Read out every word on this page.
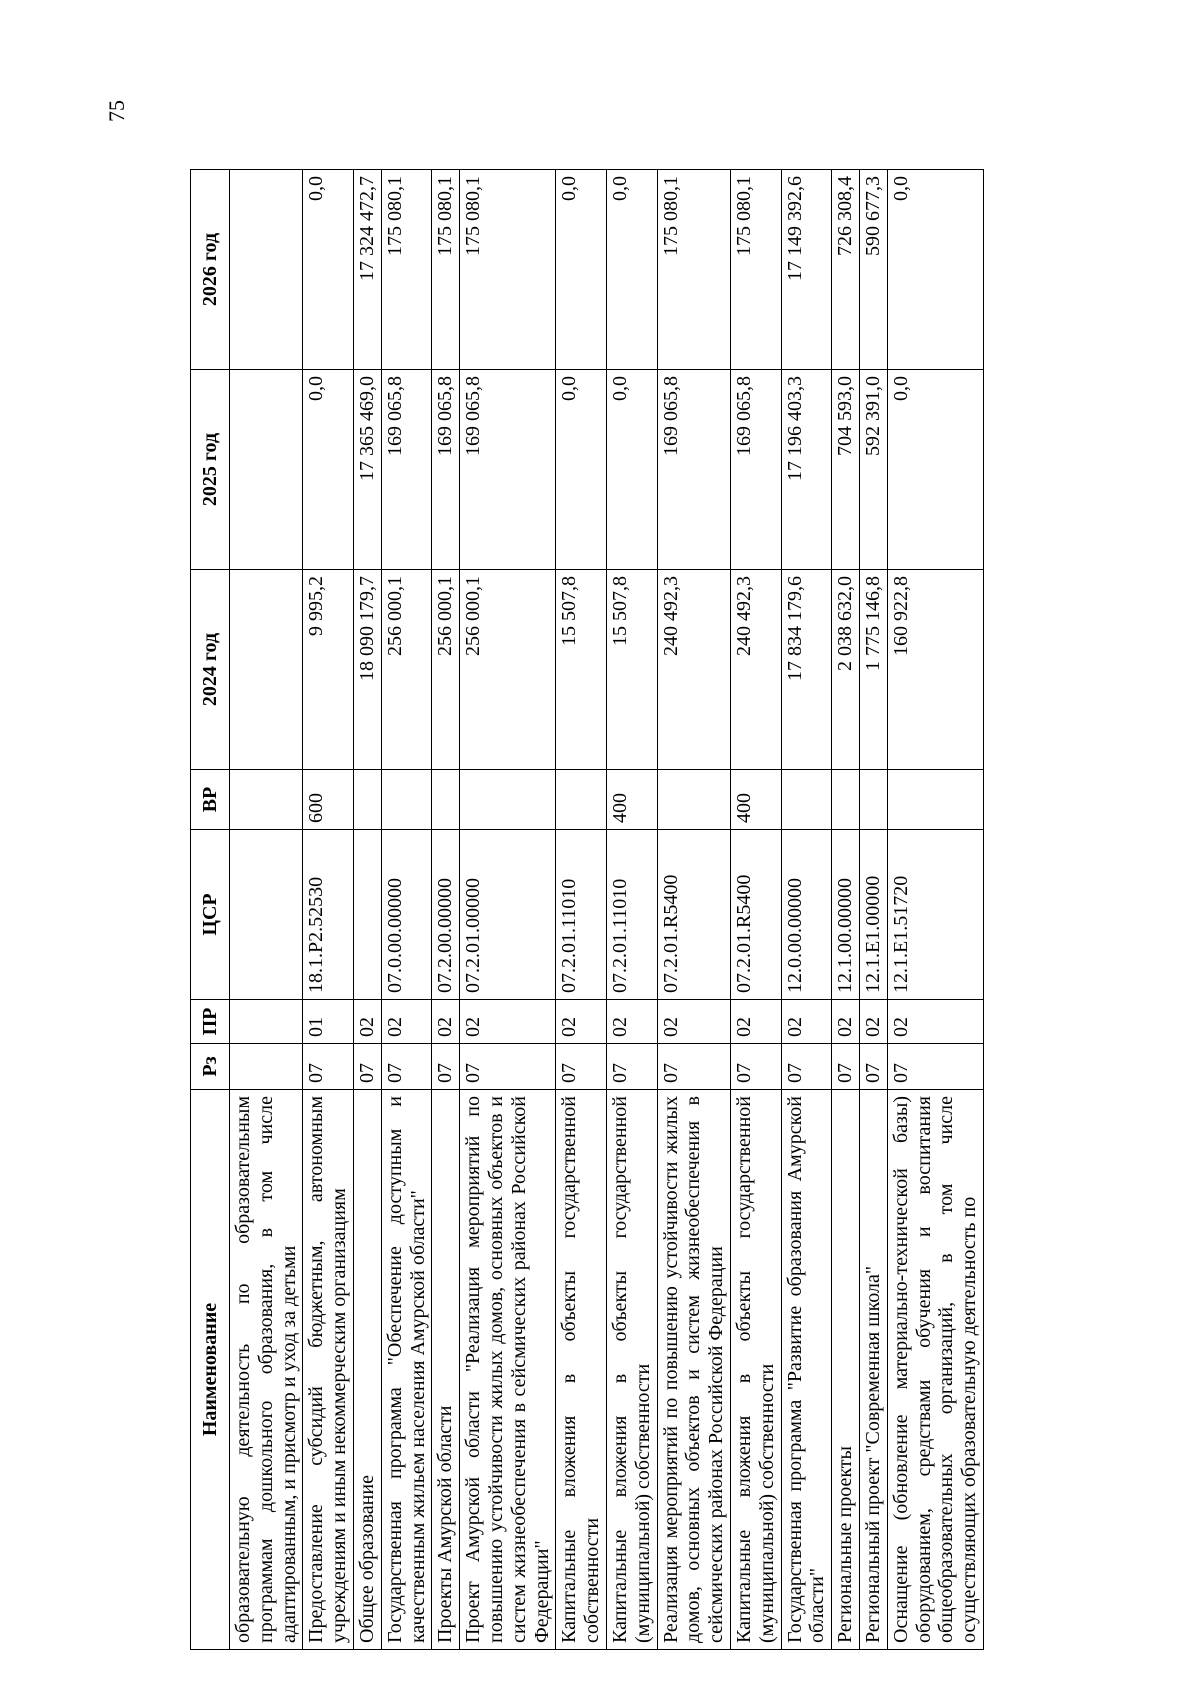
75
Наименование	Рз	ПР	ЦСР	ВР	2024 год	2025 год	2026 год
образовательную деятельность по образовательным программам дошкольного образования, в том числе адаптированным, и присмотр и уход за детьми							
Предоставление субсидий бюджетным, автономным учреждениям и иным некоммерческим организациям	07	01	18.1.P2.52530	600	9 995,2	0,0	0,0
Общее образование	07	02			18 090 179,7	17 365 469,0	17 324 472,7
Государственная программа "Обеспечение доступным и качественным жильем населения Амурской области"	07	02	07.0.00.00000		256 000,1	169 065,8	175 080,1
Проекты Амурской области	07	02	07.2.00.00000		256 000,1	169 065,8	175 080,1
Проект Амурской области "Реализация мероприятий по повышению устойчивости жилых домов, основных объектов и систем жизнеобеспечения в сейсмических районах Российской Федерации"	07	02	07.2.01.00000		256 000,1	169 065,8	175 080,1
Капитальные вложения в объекты государственной собственности	07	02	07.2.01.11010		15 507,8	0,0	0,0
Капитальные вложения в объекты государственной (муниципальной) собственности	07	02	07.2.01.11010	400	15 507,8	0,0	0,0
Реализация мероприятий по повышению устойчивости жилых домов, основных объектов и систем жизнеобеспечения в сейсмических районах Российской Федерации	07	02	07.2.01.R5400		240 492,3	169 065,8	175 080,1
Капитальные вложения в объекты государственной (муниципальной) собственности	07	02	07.2.01.R5400	400	240 492,3	169 065,8	175 080,1
Государственная программа "Развитие образования Амурской области"	07	02	12.0.00.00000		17 834 179,6	17 196 403,3	17 149 392,6
Региональные проекты	07	02	12.1.00.00000		2 038 632,0	704 593,0	726 308,4
Региональный проект "Современная школа"	07	02	12.1.E1.00000		1 775 146,8	592 391,0	590 677,3
Оснащение (обновление материально-технической базы) оборудованием, средствами обучения и воспитания общеобразовательных организаций, в том числе осуществляющих образовательную деятельность по	07	02	12.1.E1.51720		160 922,8	0,0	0,0
